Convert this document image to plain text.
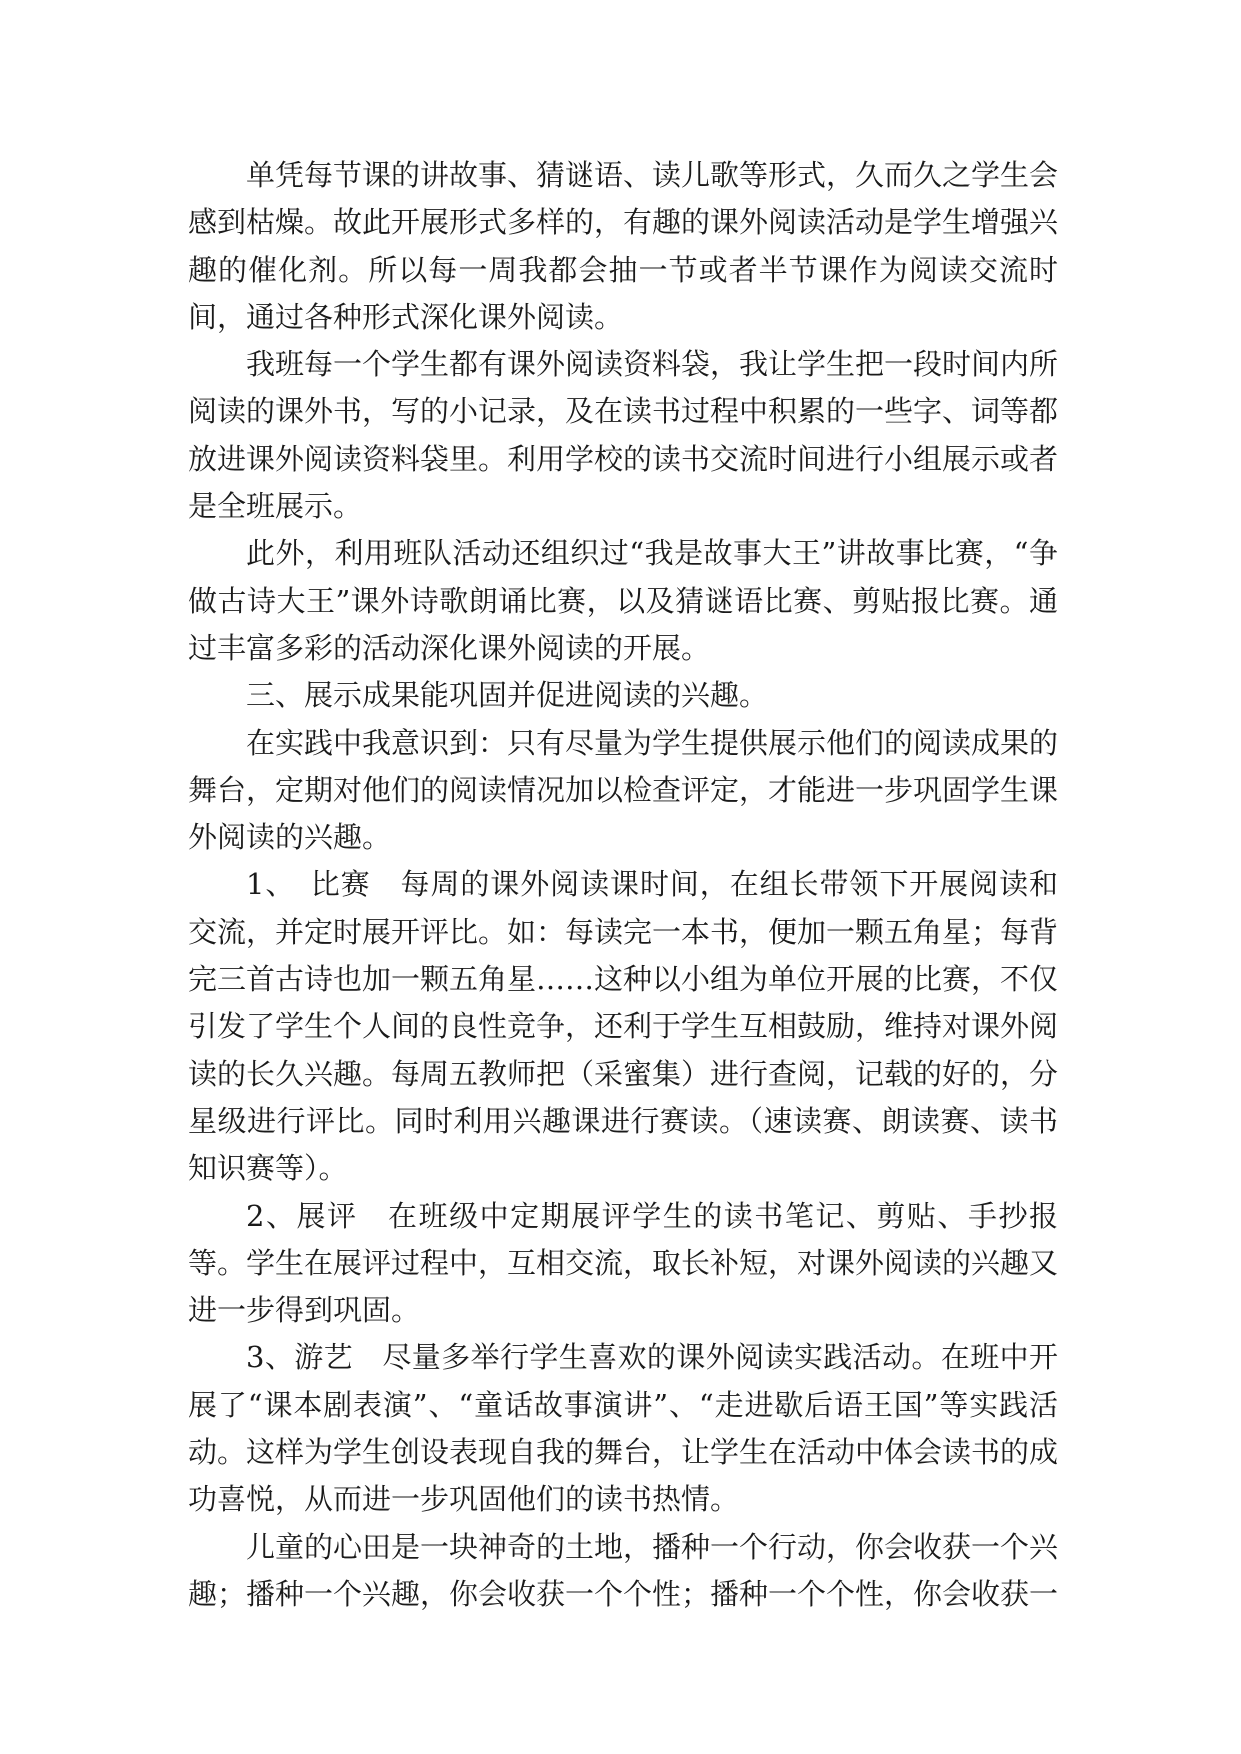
单凭每节课的讲故事、猜谜语、读儿歌等形式，久而久之学生会感到枯燥。故此开展形式多样的，有趣的课外阅读活动是学生增强兴趣的催化剂。所以每一周我都会抽一节或者半节课作为阅读交流时间，通过各种形式深化课外阅读。

我班每一个学生都有课外阅读资料袋，我让学生把一段时间内所阅读的课外书，写的小记录，及在读书过程中积累的一些字、词等都放进课外阅读资料袋里。利用学校的读书交流时间进行小组展示或者是全班展示。

此外，利用班队活动还组织过“我是故事大王”讲故事比赛，“争做古诗大王”课外诗歌朗诵比赛，以及猜谜语比赛、剪贴报比赛。通过丰富多彩的活动深化课外阅读的开展。

三、展示成果能巩固并促进阅读的兴趣。

在实践中我意识到：只有尽量为学生提供展示他们的阅读成果的舞台，定期对他们的阅读情况加以检查评定，才能进一步巩固学生课外阅读的兴趣。

1、　比赛　每周的课外阅读课时间，在组长带领下开展阅读和交流，并定时展开评比。如：每读完一本书，便加一颗五角星；每背完三首古诗也加一颗五角星……这种以小组为单位开展的比赛，不仅引发了学生个人间的良性竞争，还利于学生互相鼓励，维持对课外阅读的长久兴趣。每周五教师把（采蜜集）进行查阅，记载的好的，分星级进行评比。同时利用兴趣课进行赛读。（速读赛、朗读赛、读书知识赛等）。

2、展评　在班级中定期展评学生的读书笔记、剪贴、手抄报等。学生在展评过程中，互相交流，取长补短，对课外阅读的兴趣又进一步得到巩固。

3、游艺　尽量多举行学生喜欢的课外阅读实践活动。在班中开展了“课本剧表演”、“童话故事演讲”、“走进歇后语王国”等实践活动。这样为学生创设表现自我的舞台，让学生在活动中体会读书的成功喜悦，从而进一步巩固他们的读书热情。

儿童的心田是一块神奇的土地，播种一个行动，你会收获一个兴趣；播种一个兴趣，你会收获一个个性；播种一个个性，你会收获一
